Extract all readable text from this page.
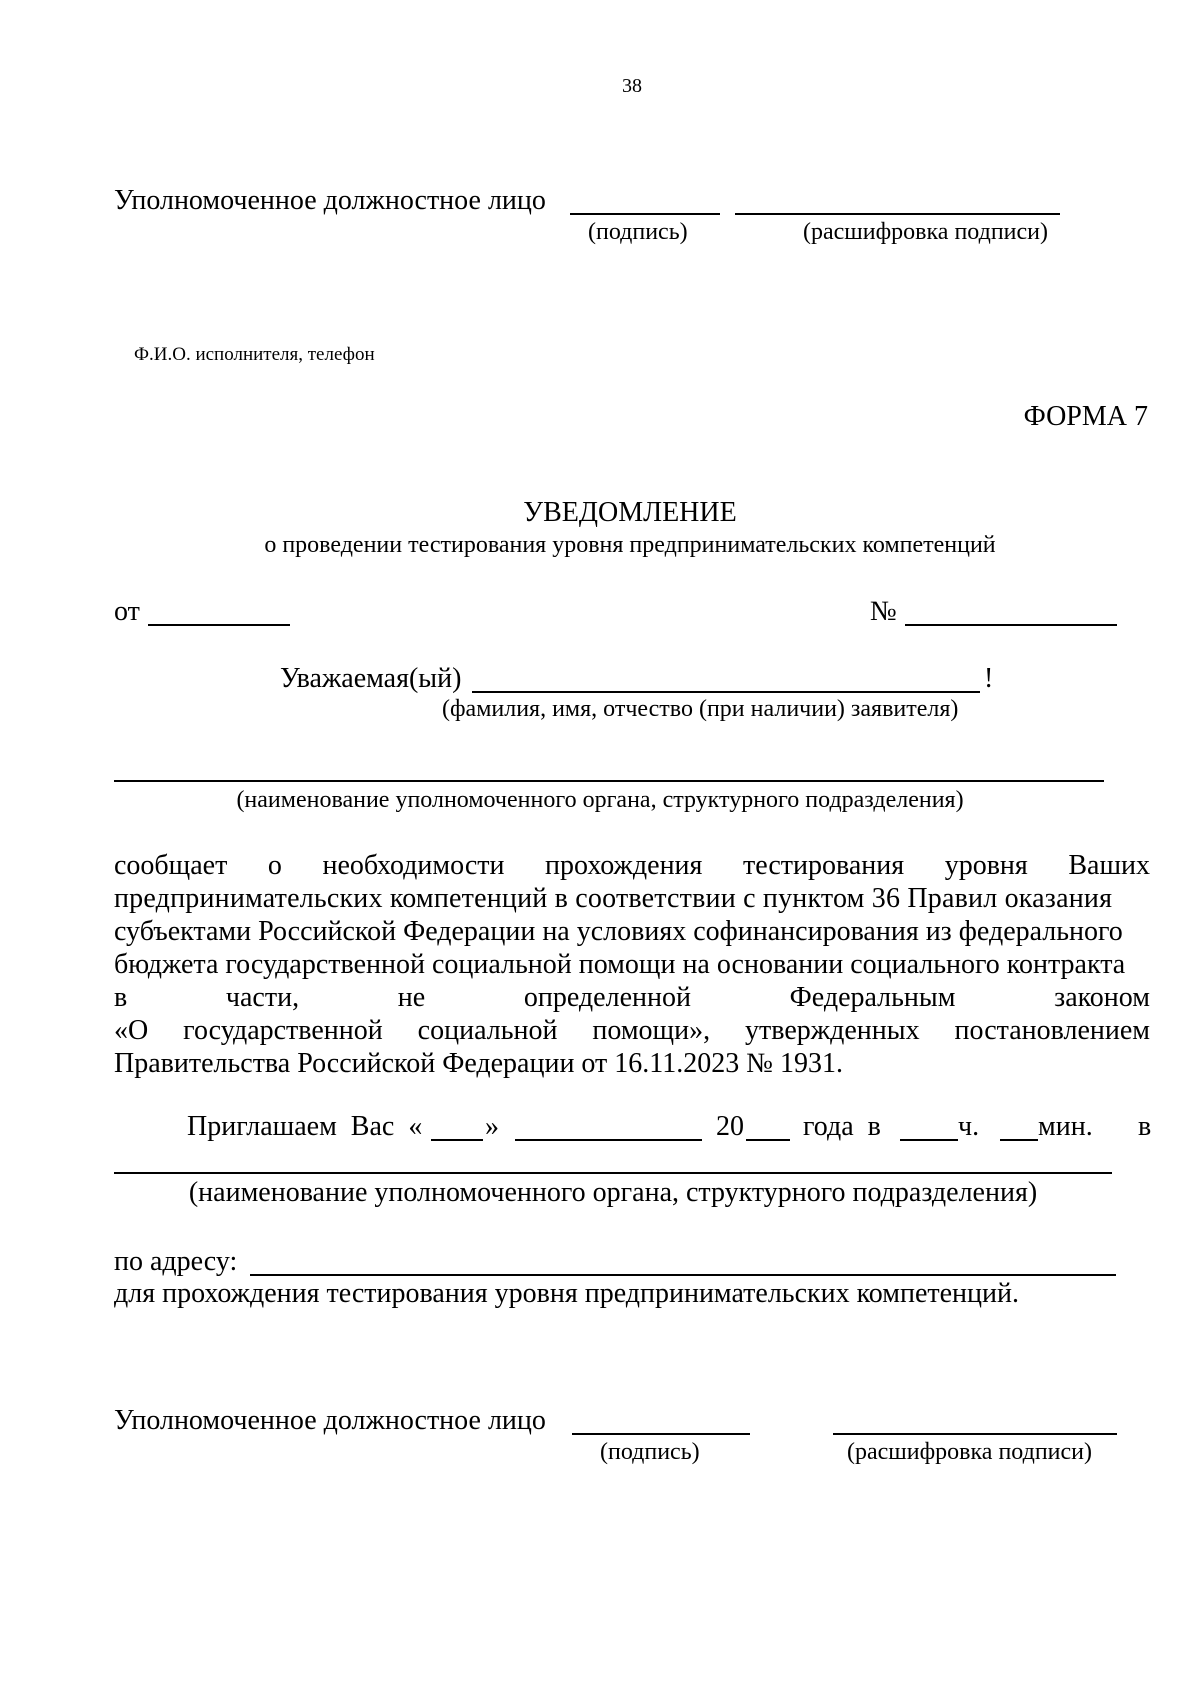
38
Уполномоченное должностное лицо
(подпись)	(расшифровка подписи)
Ф.И.О. исполнителя, телефон
ФОРМА 7
УВЕДОМЛЕНИЕ
о проведении тестирования уровня предпринимательских компетенций
от	№
Уважаемая(ый)	!
(фамилия, имя, отчество (при наличии) заявителя)
(наименование уполномоченного органа, структурного подразделения)
сообщает о необходимости прохождения тестирования уровня Ваших
предпринимательских компетенций в соответствии с пунктом 36 Правил оказания
субъектами Российской Федерации на условиях софинансирования из федерального
бюджета государственной социальной помощи на основании социального контракта
в	части,	не	определенной	Федеральным	законом
«О государственной социальной помощи», утвержденных постановлением
Правительства Российской Федерации от 16.11.2023 № 1931.
Приглашаем  Вас  « »	20 года  в	ч. мин. в
(наименование уполномоченного органа, структурного подразделения)
по адресу:
для прохождения тестирования уровня предпринимательских компетенций.
Уполномоченное должностное лицо
(подпись)	(расшифровка подписи)
